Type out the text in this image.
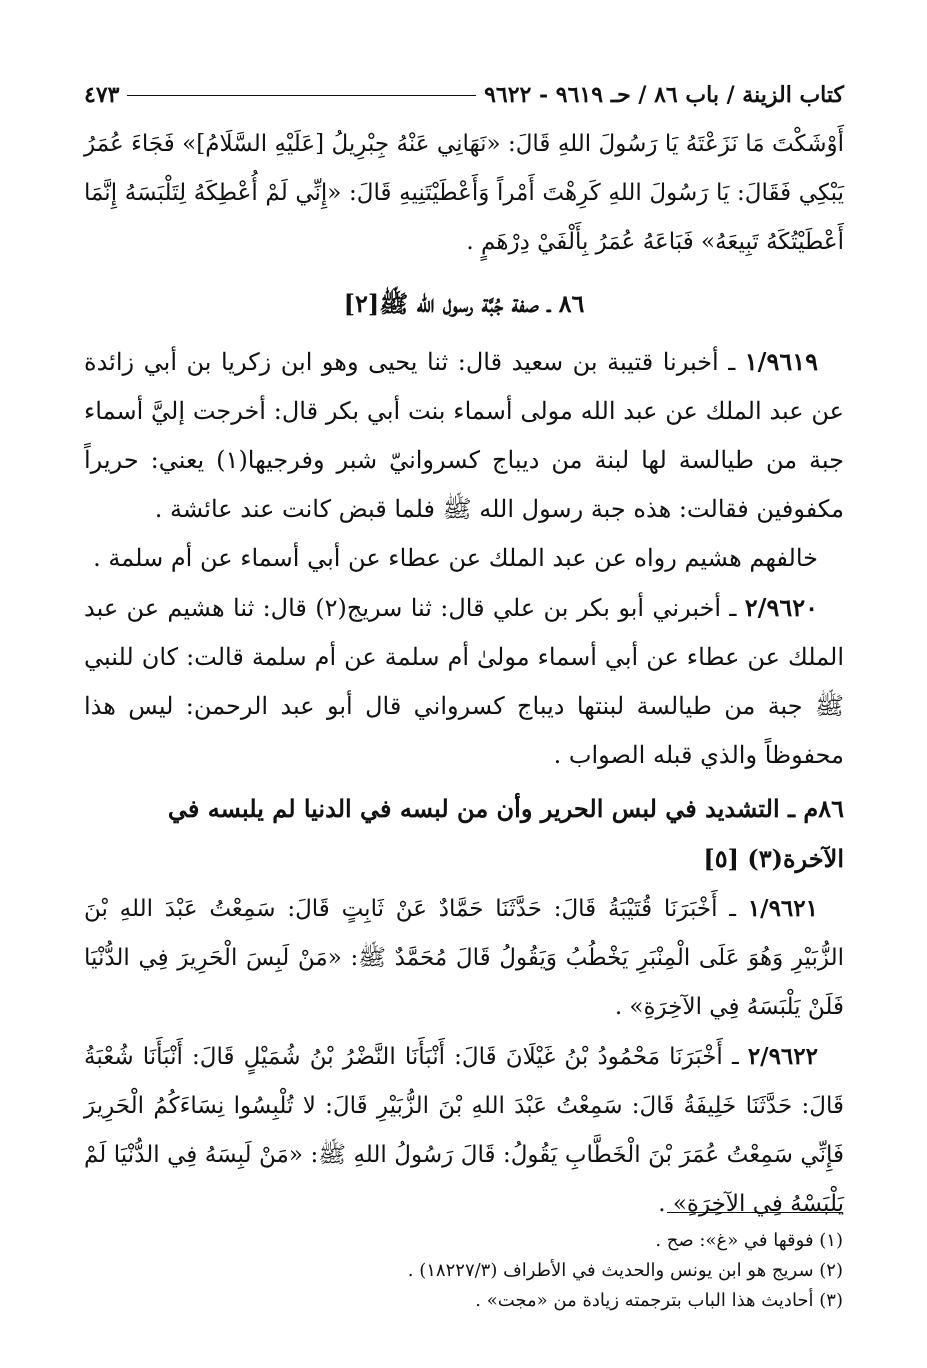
كتاب الزينة / باب ٨٦ / حـ ٩٦١٩ - ٩٦٢٢
٤٧٣

أَوْشَكْتَ مَا نَزَعْتَهُ يَا رَسُولَ اللهِ قَالَ: «نَهَانِي عَنْهُ جِبْرِيلُ [عَلَيْهِ السَّلَامُ]» فَجَاءَ عُمَرُ يَبْكِي فَقَالَ: يَا رَسُولَ اللهِ كَرِهْتَ أَمْراً وَأَعْطَيْتَنِيهِ قَالَ: «إِنِّي لَمْ أُعْطِكَهُ لِتَلْبَسَهُ إِنَّمَا أَعْطَيْتُكَهُ تَبِيعَهُ» فَبَاعَهُ عُمَرُ بِأَلْفَيْ دِرْهَمٍ .

٨٦ ـ صفة جُبَّة رسول الله ﷺ[٢]

١/٩٦١٩ ـ أخبرنا قتيبة بن سعيد قال: ثنا يحيى وهو ابن زكريا بن أبي زائدة عن عبد الملك عن عبد الله مولى أسماء بنت أبي بكر قال: أخرجت إليَّ أسماء جبة من طيالسة لها لبنة من ديباج كسروانيّ شبر وفرجيها(١) يعني: حريراً مكفوفين فقالت: هذه جبة رسول الله ﷺ فلما قبض كانت عند عائشة .

خالفهم هشيم رواه عن عبد الملك عن عطاء عن أبي أسماء عن أم سلمة .

٢/٩٦٢٠ ـ أخبرني أبو بكر بن علي قال: ثنا سريج(٢) قال: ثنا هشيم عن عبد الملك عن عطاء عن أبي أسماء مولىٰ أم سلمة عن أم سلمة قالت: كان للنبي ﷺ جبة من طيالسة لبنتها ديباج كسرواني قال أبو عبد الرحمن: ليس هذا محفوظاً والذي قبله الصواب .

٨٦م ـ التشديد في لبس الحرير وأن من لبسه في الدنيا لم يلبسه في الآخرة(٣) [٥]

١/٩٦٢١ ـ أَخْبَرَنَا قُتَيْبَةُ قَالَ: حَدَّثَنَا حَمَّادٌ عَنْ ثَابِتٍ قَالَ: سَمِعْتُ عَبْدَ اللهِ بْنَ الزُّبَيْرِ وَهُوَ عَلَى الْمِنْبَرِ يَخْطُبُ وَيَقُولُ قَالَ مُحَمَّدٌ ﷺ: «مَنْ لَبِسَ الْحَرِيرَ فِي الدُّنْيَا فَلَنْ يَلْبَسَهُ فِي الآخِرَةِ» .

٢/٩٦٢٢ ـ أَخْبَرَنَا مَحْمُودُ بْنُ غَيْلَانَ قَالَ: أَنْبَأَنَا النَّضْرُ بْنُ شُمَيْلٍ قَالَ: أَنْبَأَنَا شُعْبَةُ قَالَ: حَدَّثَنَا خَلِيفَةُ قَالَ: سَمِعْتُ عَبْدَ اللهِ بْنَ الزُّبَيْرِ قَالَ: لا تُلْبِسُوا نِسَاءَكُمُ الْحَرِيرَ فَإِنِّي سَمِعْتُ عُمَرَ بْنَ الْخَطَّابِ يَقُولُ: قَالَ رَسُولُ اللهِ ﷺ: «مَنْ لَبِسَهُ فِي الدُّنْيَا لَمْ يَلْبَسْهُ فِي الآخِرَةِ» .

(١) فوقها في «غ»: صح .
(٢) سريج هو ابن يونس والحديث في الأطراف (١٨٢٢٧/٣) .
(٣) أحاديث هذا الباب بترجمته زيادة من «مجت» .
